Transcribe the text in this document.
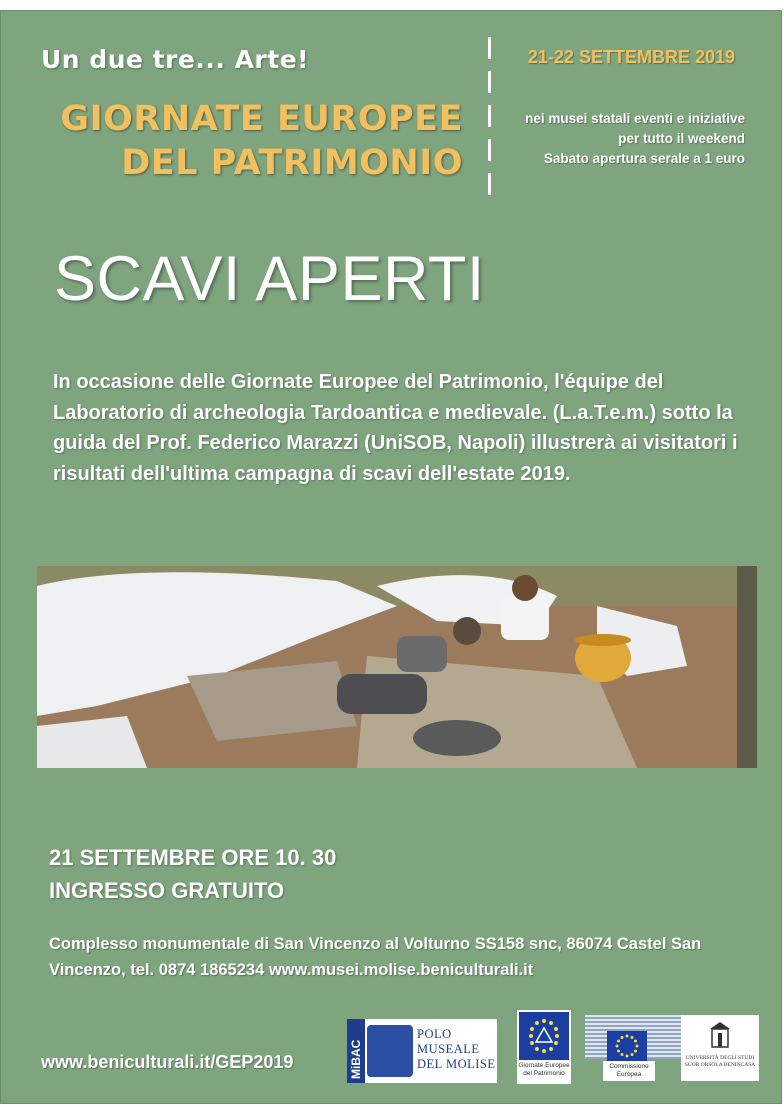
Un due tre... Arte!
GIORNATE EUROPEE
DEL PATRIMONIO
21-22 SETTEMBRE 2019
nei musei statali eventi e iniziative
per tutto il weekend
Sabato apertura serale a 1 euro
SCAVI APERTI
In occasione delle Giornate Europee del Patrimonio, l'équipe del Laboratorio di archeologia Tardoantica e medievale. (L.a.T.e.m.) sotto la guida del Prof. Federico Marazzi (UniSOB, Napoli) illustrerà ai visitatori i risultati dell'ultima campagna di scavi dell'estate 2019.
21 SETTEMBRE ORE 10. 30
INGRESSO GRATUITO
Complesso monumentale di San Vincenzo al Volturno SS158 snc, 86074 Castel San Vincenzo, tel. 0874 1865234 www.musei.molise.beniculturali.it
www.beniculturali.it/GEP2019	MiBAC
POLO
MUSEALE
DEL MOLISE	Giornate Europee del Patrimonio
Commissione Europea
UNIVERSITÀ DEGLI STUDI SUOR ORSOLA BENINCASA
